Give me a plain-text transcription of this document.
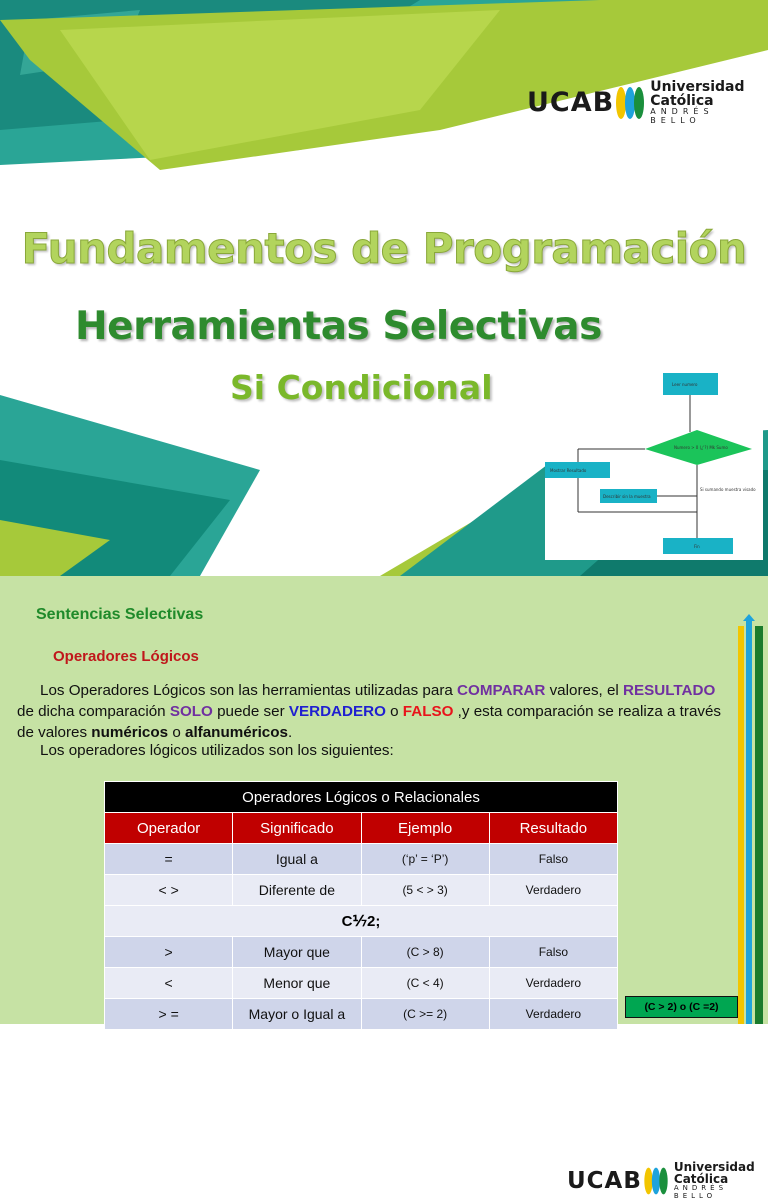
Leer numero
Numero > 0 (¿'?) Mk Sumo
Mostrar Resultado
Si sumando muestra visado
Describir sin la muestra
Fin
UCAB
Universidad Católica
ANDRÉS BELLO
Fundamentos de Programación
Herramientas Selectivas
Si Condicional
UCAB
Universidad Católica
ANDRÉS BELLO
Sentencias Selectivas
Operadores Lógicos
Los Operadores Lógicos son las herramientas utilizadas para COMPARAR valores, el RESULTADO de dicha comparación SOLO puede ser VERDADERO o FALSO ,y esta comparación se realiza a través de valores numéricos o alfanuméricos.
Los operadores lógicos utilizados son los siguientes:
Operadores Lógicos o Relacionales			
Operador	Significado	Ejemplo	Resultado
=	Igual a	(‘p’ = ‘P’)	Falso
< >	Diferente de	(5 < > 3)	Verdadero
C⅐2;			
>	Mayor que	(C > 8)	Falso
<	Menor que	(C < 4)	Verdadero
> =	Mayor o Igual a	(C >= 2)	Verdadero	(C > 2) o (C =2)
